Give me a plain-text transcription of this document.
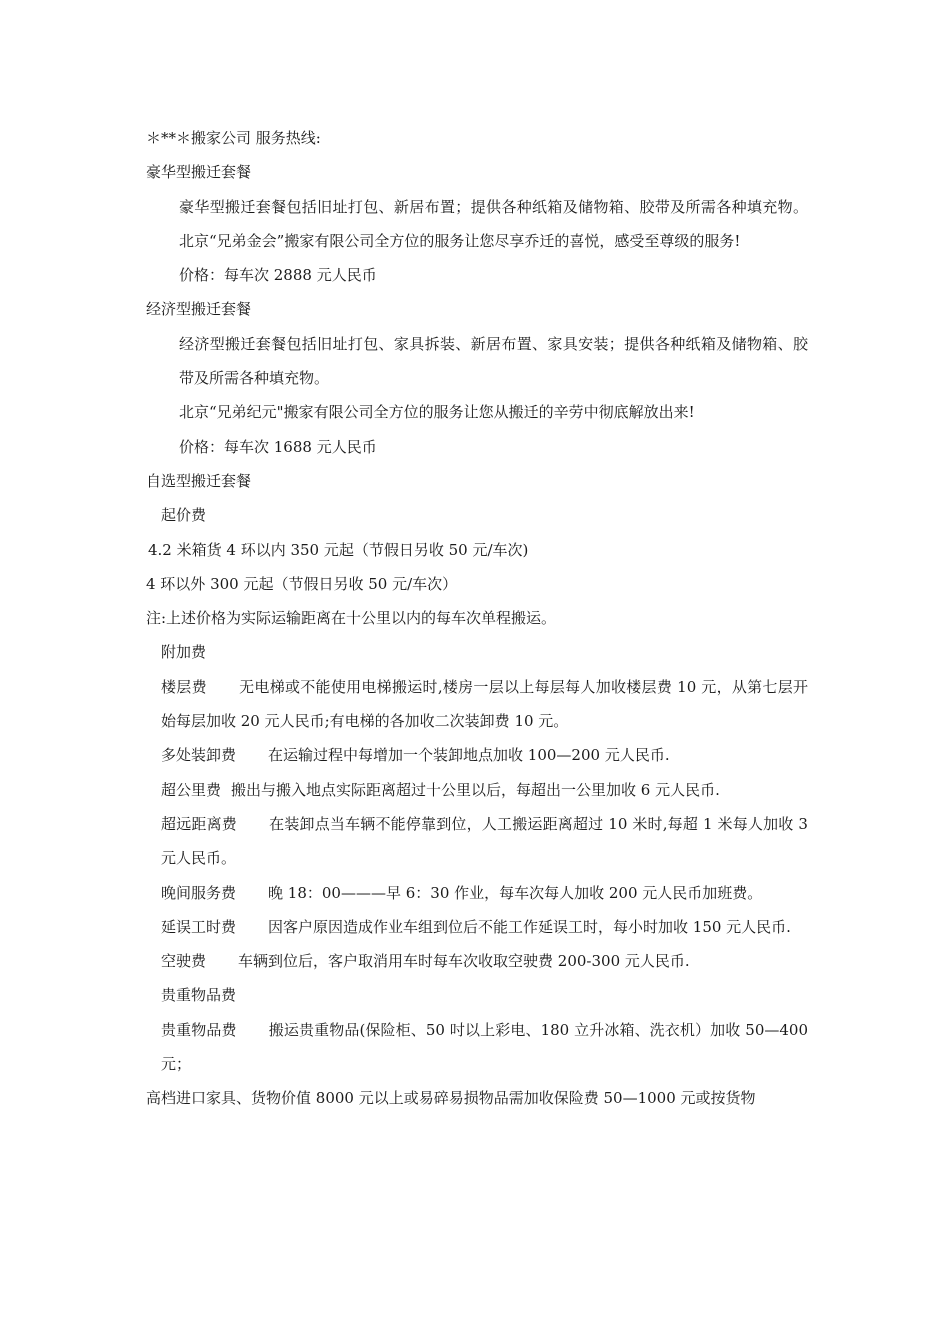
＊**＊搬家公司 服务热线:

豪华型搬迁套餐

豪华型搬迁套餐包括旧址打包、新居布置；提供各种纸箱及储物箱、胶带及所需各种填充物。北京“兄弟金会”搬家有限公司全方位的服务让您尽享乔迁的喜悦，感受至尊级的服务!

价格：每车次 2888 元人民币

经济型搬迁套餐

经济型搬迁套餐包括旧址打包、家具拆装、新居布置、家具安装；提供各种纸箱及储物箱、胶带及所需各种填充物。

北京“兄弟纪元"搬家有限公司全方位的服务让您从搬迁的辛劳中彻底解放出来!

价格：每车次 1688 元人民币

自选型搬迁套餐

起价费

4.2 米箱货 4 环以内 350 元起（节假日另收 50 元/车次)

4 环以外 300 元起（节假日另收 50 元/车次）

注:上述价格为实际运输距离在十公里以内的每车次单程搬运。

附加费

楼层费 无电梯或不能使用电梯搬运时,楼房一层以上每层每人加收楼层费 10 元，从第七层开始每层加收 20 元人民币;有电梯的各加收二次装卸费 10 元。

多处装卸费 在运输过程中每增加一个装卸地点加收 100—200 元人民币.

超公里费 搬出与搬入地点实际距离超过十公里以后，每超出一公里加收 6 元人民币.

超远距离费 在装卸点当车辆不能停靠到位，人工搬运距离超过 10 米时,每超 1 米每人加收 3 元人民币。

晚间服务费 晚 18：00———早 6：30 作业，每车次每人加收 200 元人民币加班费。

延误工时费 因客户原因造成作业车组到位后不能工作延误工时，每小时加收 150 元人民币.

空驶费 车辆到位后，客户取消用车时每车次收取空驶费 200-300 元人民币.

贵重物品费

贵重物品费 搬运贵重物品(保险柜、50 吋以上彩电、180 立升冰箱、洗衣机）加收 50—400 元；

高档进口家具、货物价值 8000 元以上或易碎易损物品需加收保险费 50—1000 元或按货物
